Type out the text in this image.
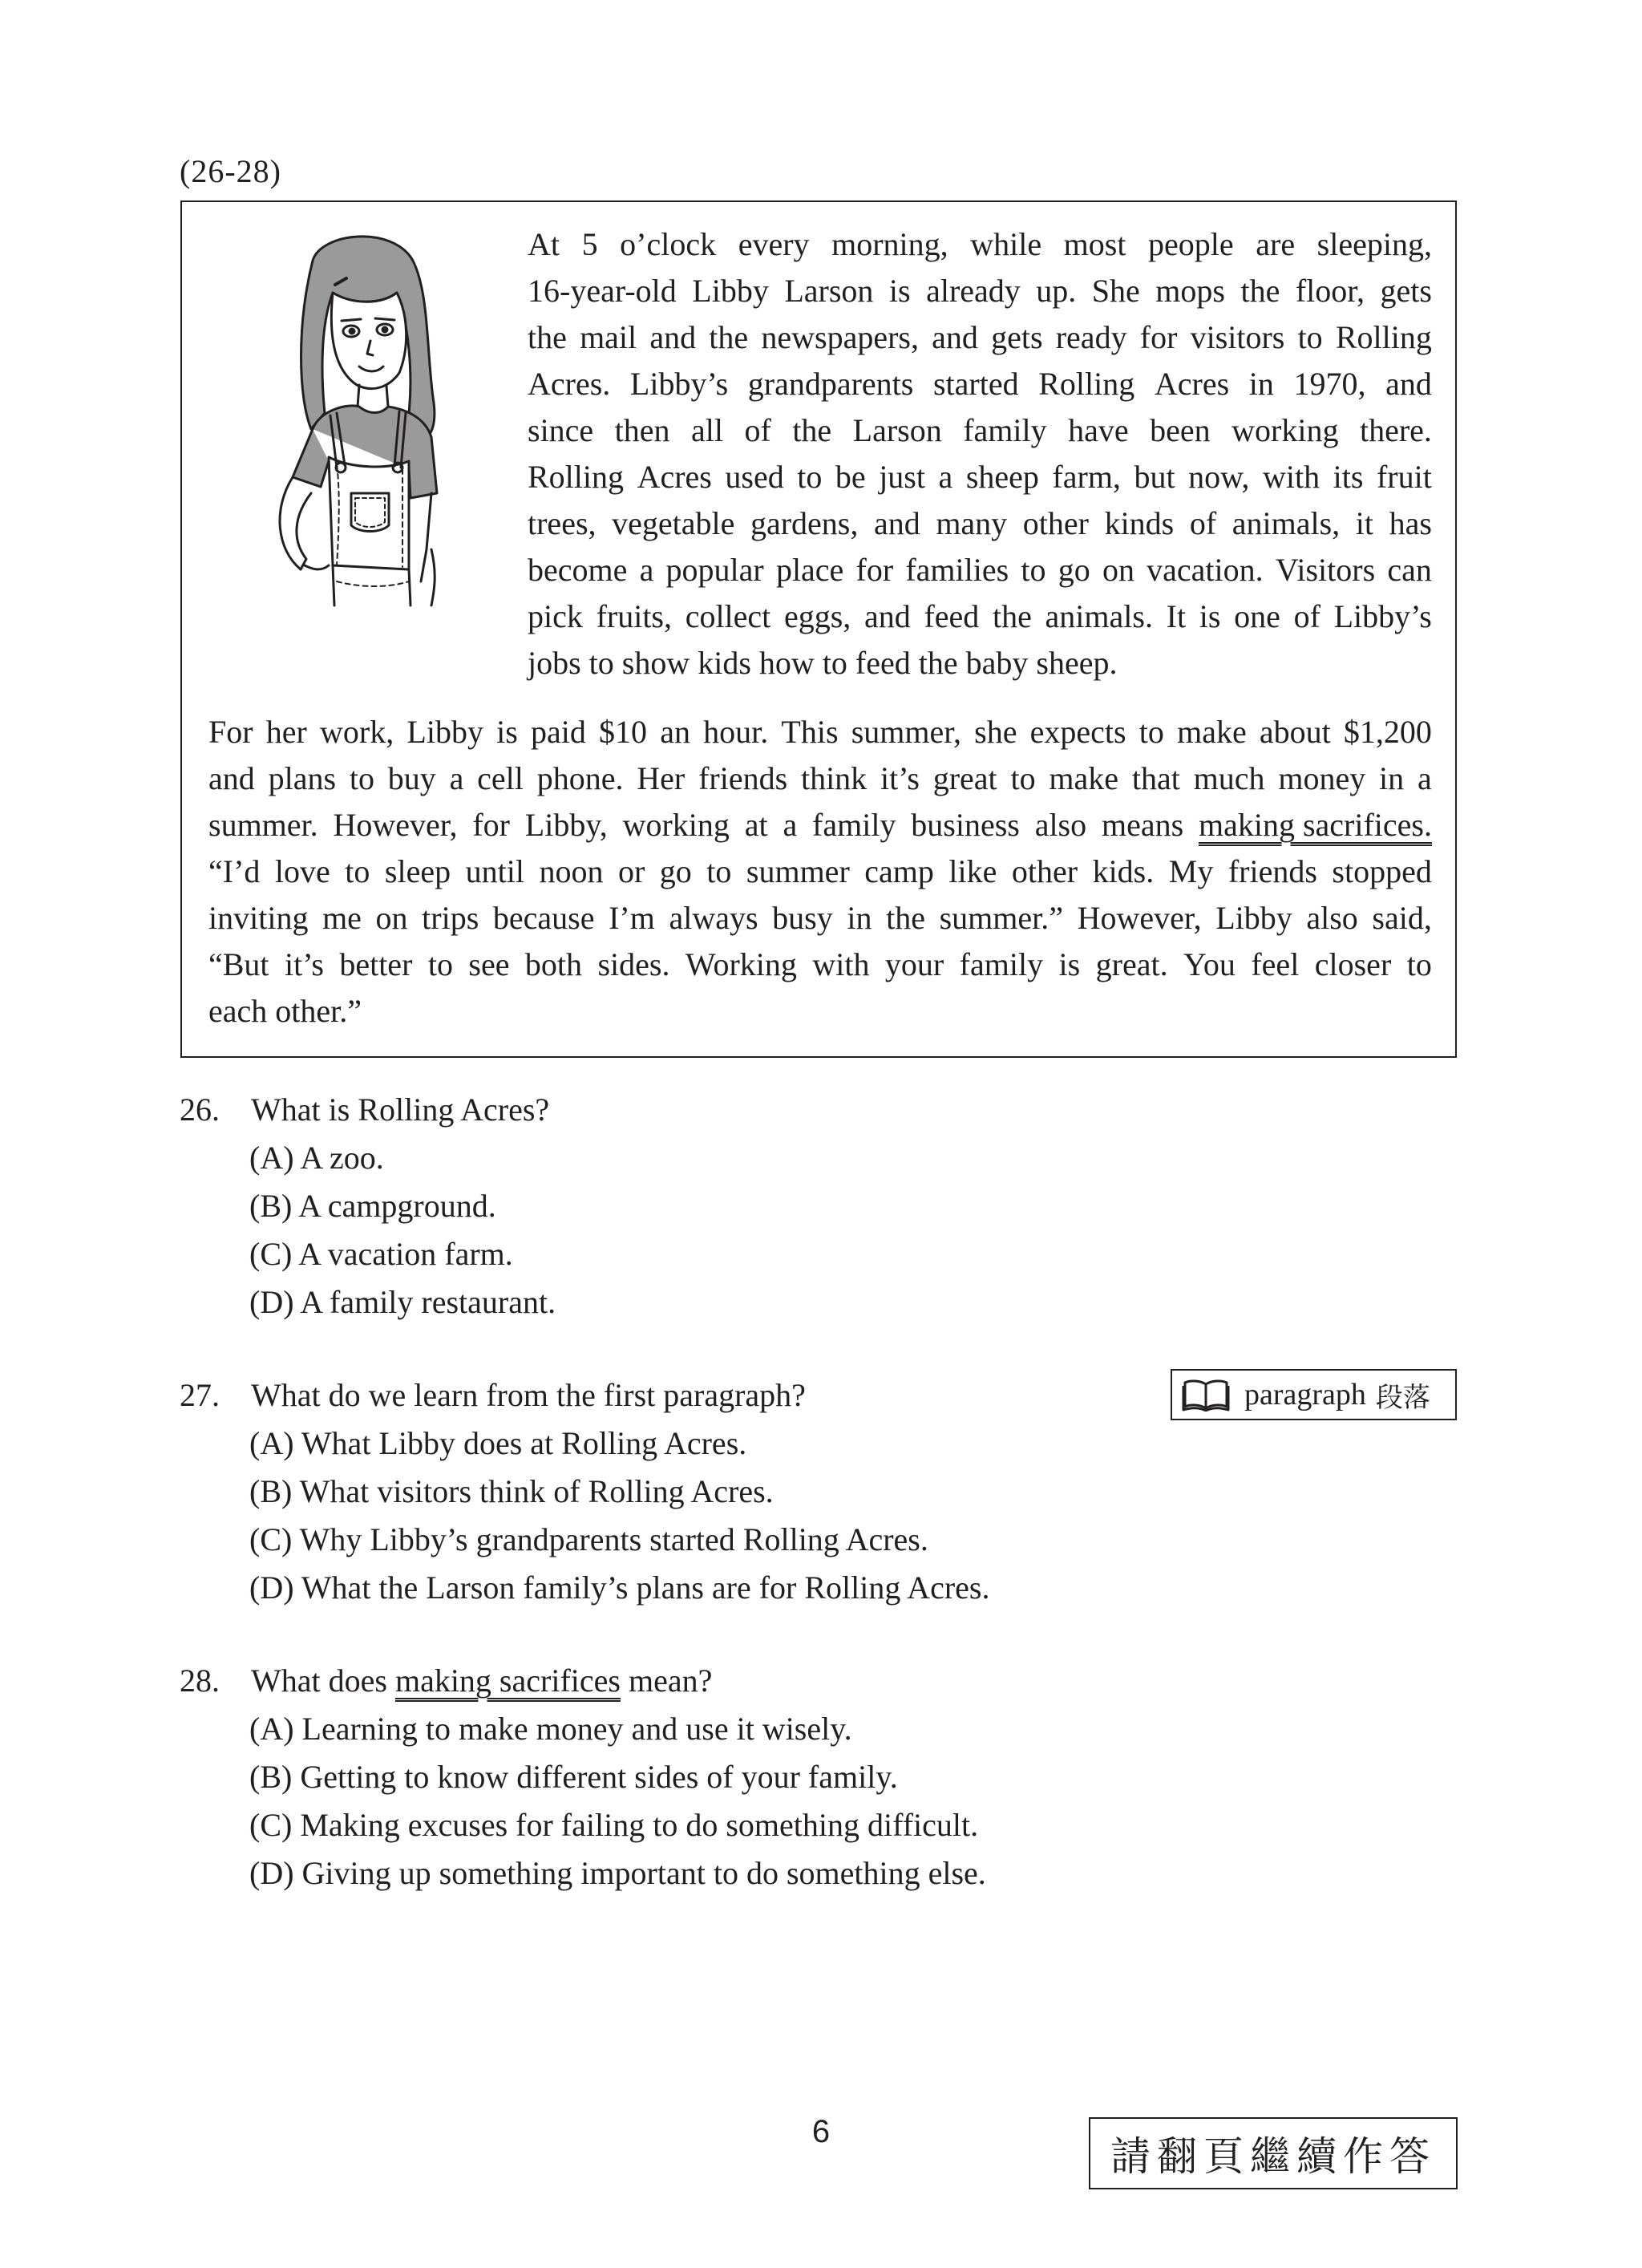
(26-28)
At 5 o’clock every morning, while most people are sleeping,
16-year-old Libby Larson is already up. She mops the floor, gets
the mail and the newspapers, and gets ready for visitors to Rolling
Acres. Libby’s grandparents started Rolling Acres in 1970, and
since then all of the Larson family have been working there.
Rolling Acres used to be just a sheep farm, but now, with its fruit
trees, vegetable gardens, and many other kinds of animals, it has
become a popular place for families to go on vacation. Visitors can
pick fruits, collect eggs, and feed the animals. It is one of Libby’s
jobs to show kids how to feed the baby sheep.
For her work, Libby is paid $10 an hour. This summer, she expects to make about $1,200
and plans to buy a cell phone. Her friends think it’s great to make that much money in a
summer. However, for Libby, working at a family business also means making sacrifices.
“I’d love to sleep until noon or go to summer camp like other kids. My friends stopped
inviting me on trips because I’m always busy in the summer.” However, Libby also said,
“But it’s better to see both sides. Working with your family is great. You feel closer to
each other.”
26. What is Rolling Acres?
(A) A zoo.
(B) A campground.
(C) A vacation farm.
(D) A family restaurant.
27. What do we learn from the first paragraph?
(A) What Libby does at Rolling Acres.
(B) What visitors think of Rolling Acres.
(C) Why Libby’s grandparents started Rolling Acres.
(D) What the Larson family’s plans are for Rolling Acres.
paragraph 段落
28. What does making sacrifices mean?
(A) Learning to make money and use it wisely.
(B) Getting to know different sides of your family.
(C) Making excuses for failing to do something difficult.
(D) Giving up something important to do something else.
6
請翻頁繼續作答
